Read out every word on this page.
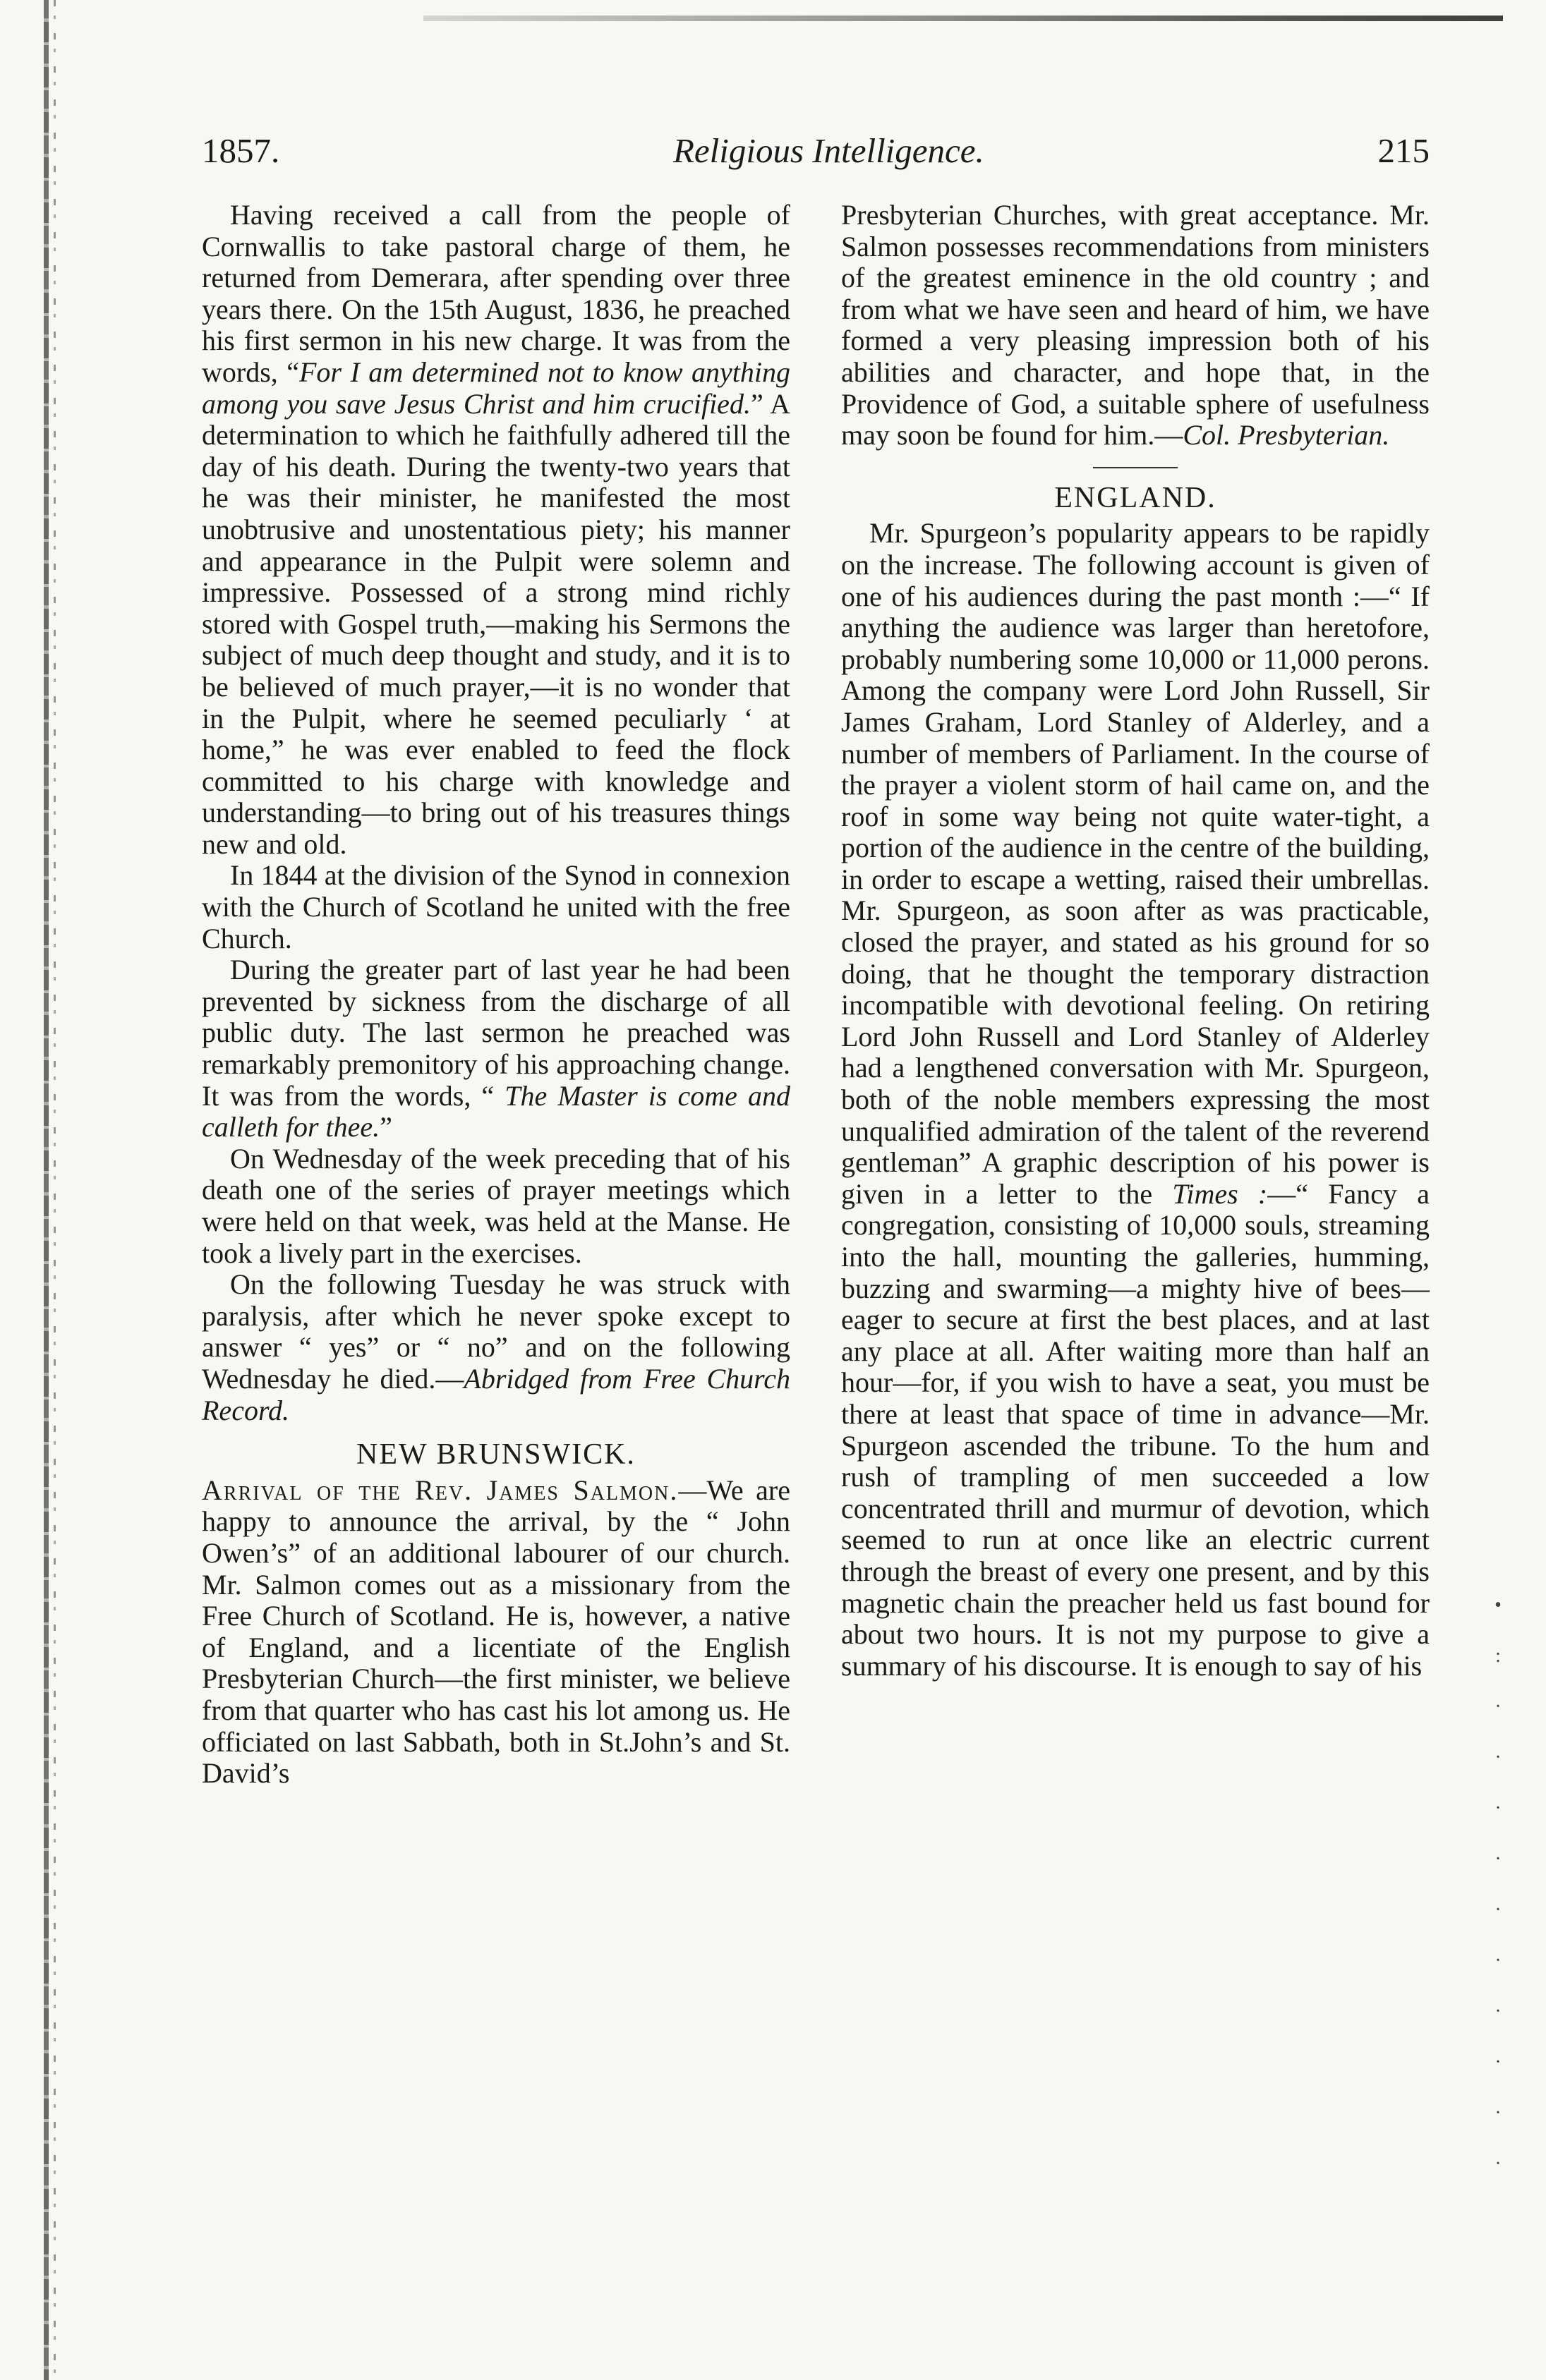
1857.	Religious Intelligence.	215

Having received a call from the people of Cornwallis to take pastoral charge of them, he returned from Demerara, after spending over three years there. On the 15th August, 1836, he preached his first sermon in his new charge. It was from the words, “For I am determined not to know anything among you save Jesus Christ and him crucified.” A determination to which he faithfully adhered till the day of his death. During the twenty-two years that he was their minister, he manifested the most unobtrusive and unostentatious piety; his manner and appearance in the Pulpit were solemn and impressive. Possessed of a strong mind richly stored with Gospel truth,—making his Sermons the subject of much deep thought and study, and it is to be believed of much prayer,—it is no wonder that in the Pulpit, where he seemed peculiarly ‘ at home,” he was ever enabled to feed the flock committed to his charge with knowledge and understanding—to bring out of his treasures things new and old.

In 1844 at the division of the Synod in connexion with the Church of Scotland he united with the free Church.

During the greater part of last year he had been prevented by sickness from the discharge of all public duty. The last sermon he preached was remarkably premonitory of his approaching change. It was from the words, “ The Master is come and calleth for thee.”

On Wednesday of the week preceding that of his death one of the series of prayer meetings which were held on that week, was held at the Manse. He took a lively part in the exercises.

On the following Tuesday he was struck with paralysis, after which he never spoke except to answer “ yes” or “ no” and on the following Wednesday he died.—Abridged from Free Church Record.

NEW BRUNSWICK.

Arrival of the Rev. James Salmon.—We are happy to announce the arrival, by the “ John Owen’s” of an additional labourer of our church. Mr. Salmon comes out as a missionary from the Free Church of Scotland. He is, however, a native of England, and a licentiate of the English Presbyterian Church—the first minister, we believe from that quarter who has cast his lot among us. He officiated on last Sabbath, both in St.John’s and St. David’s

Presbyterian Churches, with great acceptance. Mr. Salmon possesses recommendations from ministers of the greatest eminence in the old country ; and from what we have seen and heard of him, we have formed a very pleasing impression both of his abilities and character, and hope that, in the Providence of God, a suitable sphere of usefulness may soon be found for him.—Col. Presbyterian.

ENGLAND.

Mr. Spurgeon’s popularity appears to be rapidly on the increase. The following account is given of one of his audiences during the past month :—“ If anything the audience was larger than heretofore, probably numbering some 10,000 or 11,000 perons. Among the company were Lord John Russell, Sir James Graham, Lord Stanley of Alderley, and a number of members of Parliament. In the course of the prayer a violent storm of hail came on, and the roof in some way being not quite water-tight, a portion of the audience in the centre of the building, in order to escape a wetting, raised their umbrellas. Mr. Spurgeon, as soon after as was practicable, closed the prayer, and stated as his ground for so doing, that he thought the temporary distraction incompatible with devotional feeling. On retiring Lord John Russell and Lord Stanley of Alderley had a lengthened conversation with Mr. Spurgeon, both of the noble members expressing the most unqualified admiration of the talent of the reverend gentleman” A graphic description of his power is given in a letter to the Times :—“ Fancy a congregation, consisting of 10,000 souls, streaming into the hall, mounting the galleries, humming, buzzing and swarming—a mighty hive of bees—eager to secure at first the best places, and at last any place at all. After waiting more than half an hour—for, if you wish to have a seat, you must be there at least that space of time in advance—Mr. Spurgeon ascended the tribune. To the hum and rush of trampling of men succeeded a low concentrated thrill and murmur of devotion, which seemed to run at once like an electric current through the breast of every one present, and by this magnetic chain the preacher held us fast bound for about two hours. It is not my purpose to give a summary of his discourse. It is enough to say of his

•
:
·
·
·
·
·
·
·
·
·
·
